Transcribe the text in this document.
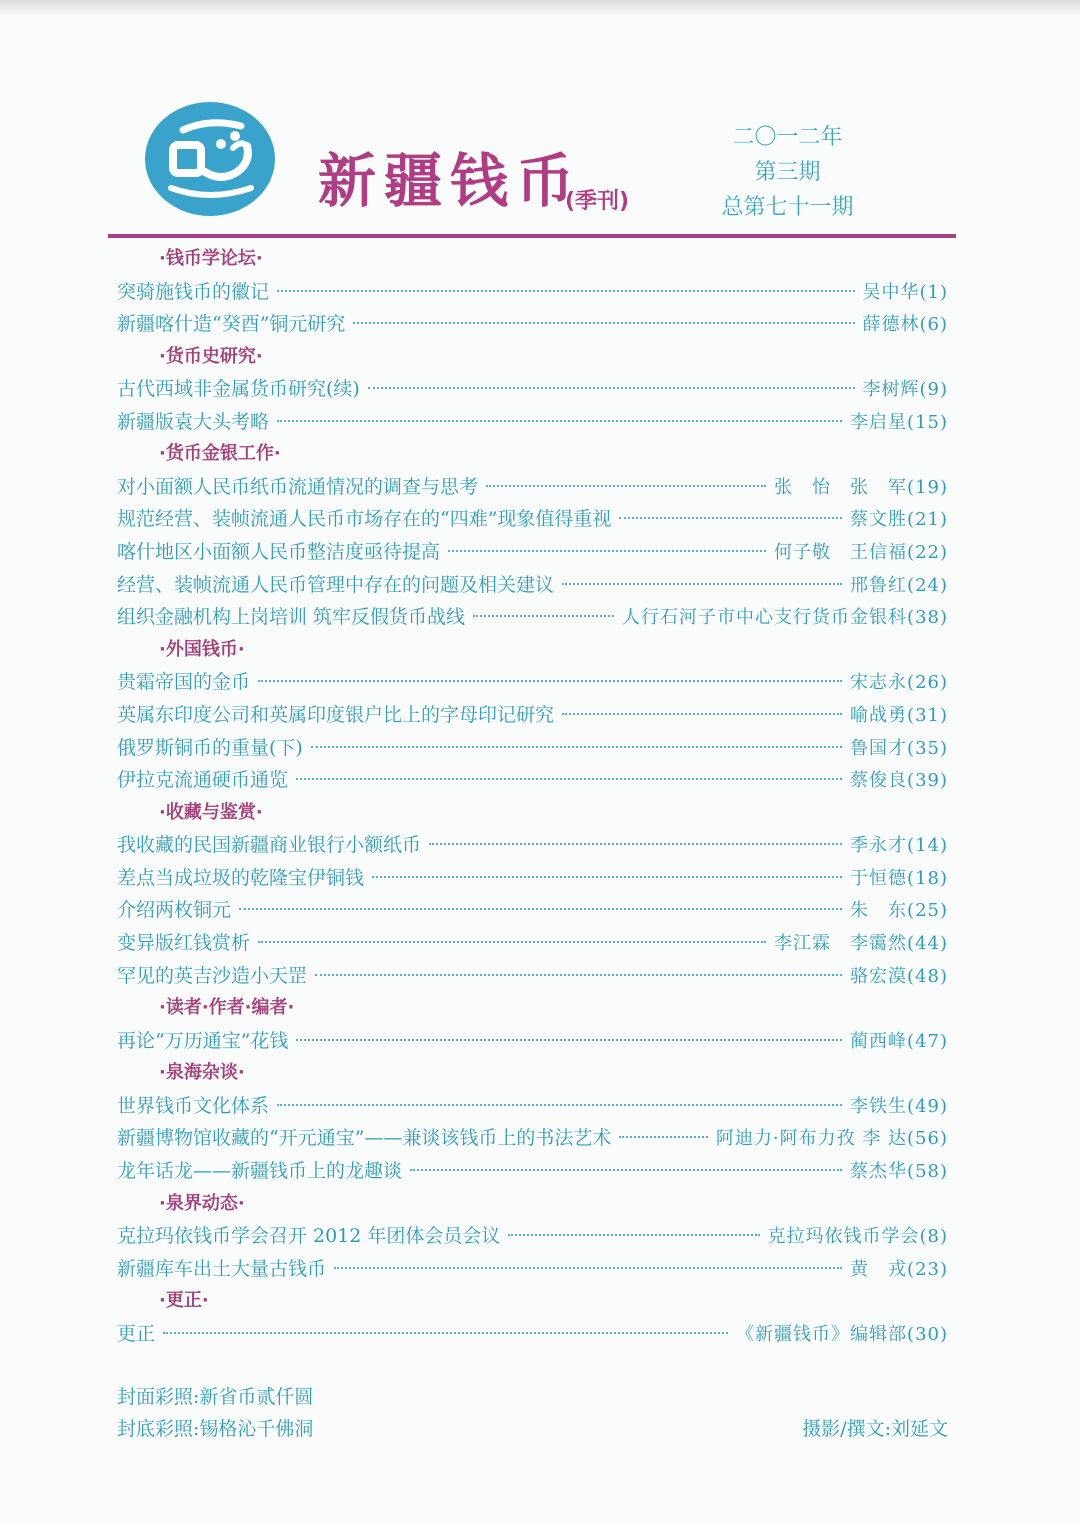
新疆钱币
(季刊)
二〇一二年
第三期
总第七十一期
·钱币学论坛·
突骑施钱币的徽记	吴中华(1)
新疆喀什造“癸酉”铜元研究	薛德林(6)
·货币史研究·
古代西域非金属货币研究(续)	李树辉(9)
新疆版袁大头考略	李启星(15)
·货币金银工作·
对小面额人民币纸币流通情况的调查与思考	张　怡　张　军(19)
规范经营、装帧流通人民币市场存在的“四难”现象值得重视	蔡文胜(21)
喀什地区小面额人民币整洁度亟待提高	何子敬　王信福(22)
经营、装帧流通人民币管理中存在的问题及相关建议	邢鲁红(24)
组织金融机构上岗培训 筑牢反假货币战线	人行石河子市中心支行货币金银科(38)
·外国钱币·
贵霜帝国的金币	宋志永(26)
英属东印度公司和英属印度银户比上的字母印记研究	喻战勇(31)
俄罗斯铜币的重量(下)	鲁国才(35)
伊拉克流通硬币通览	蔡俊良(39)
·收藏与鉴赏·
我收藏的民国新疆商业银行小额纸币	季永才(14)
差点当成垃圾的乾隆宝伊铜钱	于恒德(18)
介绍两枚铜元	朱　东(25)
变异版红钱赏析	李江霖　李霭然(44)
罕见的英吉沙造小天罡	骆宏漠(48)
·读者·作者·编者·
再论“万历通宝”花钱	蔺西峰(47)
·泉海杂谈·
世界钱币文化体系	李铁生(49)
新疆博物馆收藏的“开元通宝”——兼谈该钱币上的书法艺术	阿迪力·阿布力孜 李 达(56)
龙年话龙——新疆钱币上的龙趣谈	蔡杰华(58)
·泉界动态·
克拉玛依钱币学会召开 2012 年团体会员会议	克拉玛依钱币学会(8)
新疆库车出土大量古钱币	黄　戎(23)
·更正·
更正	《新疆钱币》编辑部(30)
封面彩照:新省币贰仟圆
封底彩照:锡格沁千佛洞	摄影/撰文:刘延文
